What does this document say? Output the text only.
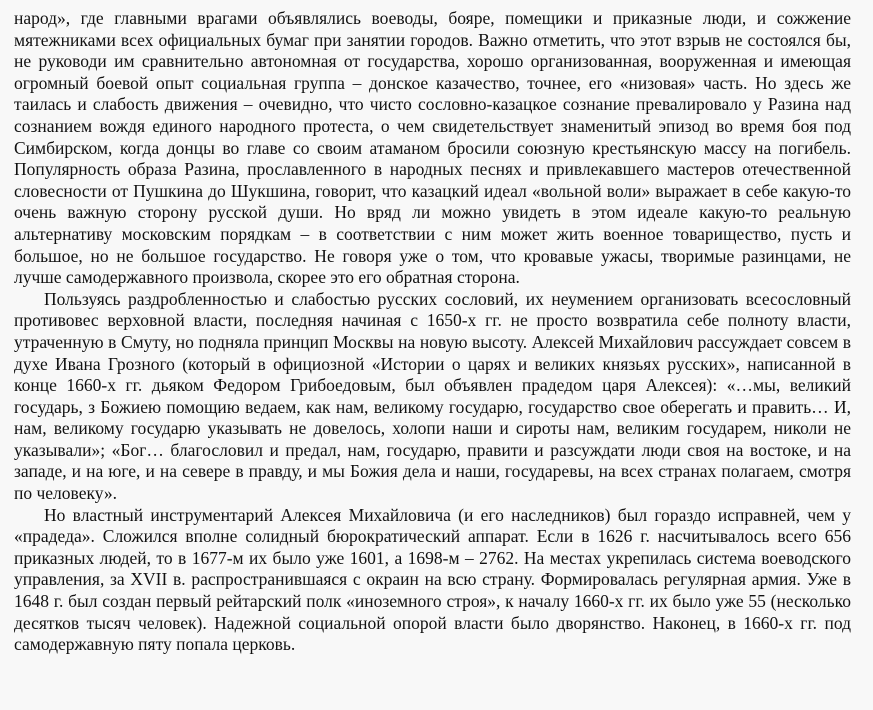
народ», где главными врагами объявлялись воеводы, бояре, помещики и приказные люди, и сожжение мятежниками всех официальных бумаг при занятии городов. Важно отметить, что этот взрыв не состоялся бы, не руководи им сравнительно автономная от государства, хорошо организованная, вооруженная и имеющая огромный боевой опыт социальная группа – донское казачество, точнее, его «низовая» часть. Но здесь же таилась и слабость движения – очевидно, что чисто сословно-казацкое сознание превалировало у Разина над сознанием вождя единого народного протеста, о чем свидетельствует знаменитый эпизод во время боя под Симбирском, когда донцы во главе со своим атаманом бросили союзную крестьянскую массу на погибель. Популярность образа Разина, прославленного в народных песнях и привлекавшего мастеров отечественной словесности от Пушкина до Шукшина, говорит, что казацкий идеал «вольной воли» выражает в себе какую-то очень важную сторону русской души. Но вряд ли можно увидеть в этом идеале какую-то реальную альтернативу московским порядкам – в соответствии с ним может жить военное товарищество, пусть и большое, но не большое государство. Не говоря уже о том, что кровавые ужасы, творимые разинцами, не лучше самодержавного произвола, скорее это его обратная сторона.

Пользуясь раздробленностью и слабостью русских сословий, их неумением организовать всесословный противовес верховной власти, последняя начиная с 1650-х гг. не просто возвратила себе полноту власти, утраченную в Смуту, но подняла принцип Москвы на новую высоту. Алексей Михайлович рассуждает совсем в духе Ивана Грозного (который в официозной «Истории о царях и великих князьях русских», написанной в конце 1660-х гг. дьяком Федором Грибоедовым, был объявлен прадедом царя Алексея): «…мы, великий государь, з Божиею помощию ведаем, как нам, великому государю, государство свое оберегать и править… И, нам, великому государю указывать не довелось, холопи наши и сироты нам, великим государем, николи не указывали»; «Бог… благословил и предал, нам, государю, правити и разсуждати люди своя на востоке, и на западе, и на юге, и на севере в правду, и мы Божия дела и наши, государевы, на всех странах полагаем, смотря по человеку».

Но властный инструментарий Алексея Михайловича (и его наследников) был гораздо исправней, чем у «прадеда». Сложился вполне солидный бюрократический аппарат. Если в 1626 г. насчитывалось всего 656 приказных людей, то в 1677-м их было уже 1601, а 1698-м – 2762. На местах укрепилась система воеводского управления, за XVII в. распространившаяся с окраин на всю страну. Формировалась регулярная армия. Уже в 1648 г. был создан первый рейтарский полк «иноземного строя», к началу 1660-х гг. их было уже 55 (несколько десятков тысяч человек). Надежной социальной опорой власти было дворянство. Наконец, в 1660-х гг. под самодержавную пяту попала церковь.
